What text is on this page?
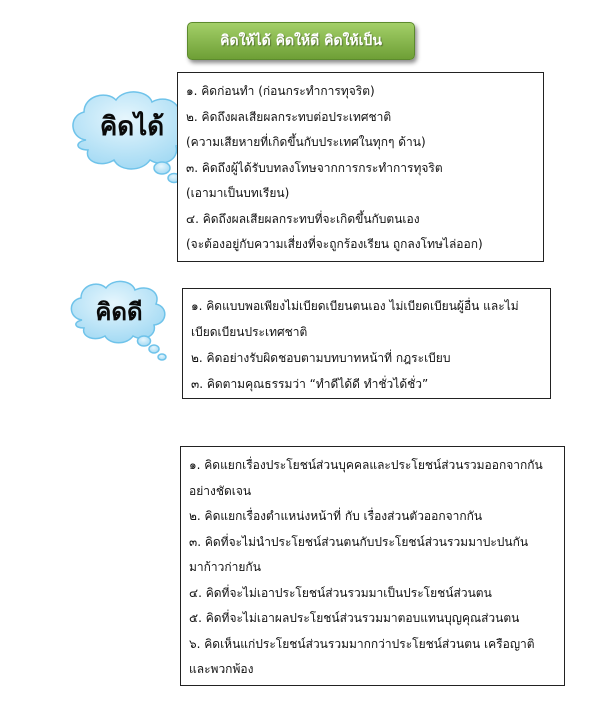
คิดให้ได้ คิดให้ดี คิดให้เป็น
คิดได้
คิดดี
๑. คิดก่อนทำ (ก่อนกระทำการทุจริต)
๒. คิดถึงผลเสียผลกระทบต่อประเทศชาติ
(ความเสียหายที่เกิดขึ้นกับประเทศในทุกๆ ด้าน)
๓. คิดถึงผู้ได้รับบทลงโทษจากการกระทำการทุจริต
(เอามาเป็นบทเรียน)
๔. คิดถึงผลเสียผลกระทบที่จะเกิดขึ้นกับตนเอง
(จะต้องอยู่กับความเสี่ยงที่จะถูกร้องเรียน ถูกลงโทษไล่ออก)
๑. คิดแบบพอเพียงไม่เบียดเบียนตนเอง ไม่เบียดเบียนผู้อื่น และไม่
เบียดเบียนประเทศชาติ
๒. คิดอย่างรับผิดชอบตามบทบาทหน้าที่ กฎระเบียบ
๓. คิดตามคุณธรรมว่า “ทำดีได้ดี ทำชั่วได้ชั่ว”
๑. คิดแยกเรื่องประโยชน์ส่วนบุคคลและประโยชน์ส่วนรวมออกจากกัน
อย่างชัดเจน
๒. คิดแยกเรื่องตำแหน่งหน้าที่ กับ เรื่องส่วนตัวออกจากกัน
๓. คิดที่จะไม่นำประโยชน์ส่วนตนกับประโยชน์ส่วนรวมมาปะปนกัน
มาก้าวก่ายกัน
๔. คิดที่จะไม่เอาประโยชน์ส่วนรวมมาเป็นประโยชน์ส่วนตน
๕. คิดที่จะไม่เอาผลประโยชน์ส่วนรวมมาตอบแทนบุญคุณส่วนตน
๖. คิดเห็นแก่ประโยชน์ส่วนรวมมากกว่าประโยชน์ส่วนตน เครือญาติ
และพวกพ้อง
